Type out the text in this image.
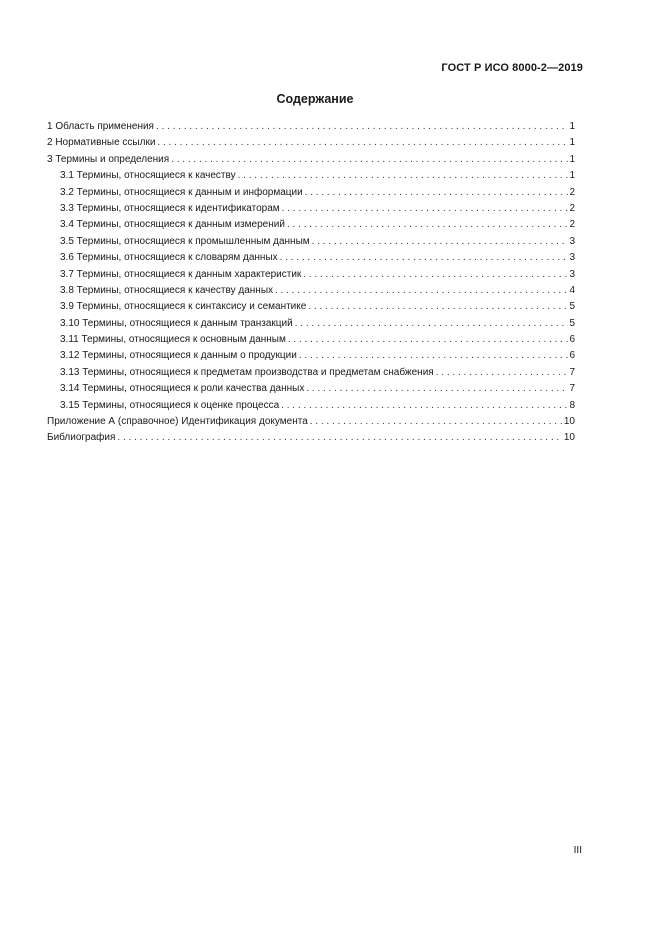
ГОСТ Р ИСО 8000-2—2019
Содержание
1 Область применения . . .	1
2 Нормативные ссылки . . .	1
3 Термины и определения . . .	1
3.1 Термины, относящиеся к качеству . . .	1
3.2 Термины, относящиеся к данным и информации . . .	2
3.3 Термины, относящиеся к идентификаторам . . .	2
3.4 Термины, относящиеся к данным измерений . . .	2
3.5 Термины, относящиеся к промышленным данным . . .	3
3.6 Термины, относящиеся к словарям данных . . .	3
3.7 Термины, относящиеся к данным характеристик . . .	3
3.8 Термины, относящиеся к качеству данных . . .	4
3.9 Термины, относящиеся к синтаксису и семантике . . .	5
3.10 Термины, относящиеся к данным транзакций . . .	5
3.11 Термины, относящиеся к основным данным . . .	6
3.12 Термины, относящиеся к данным о продукции . . .	6
3.13 Термины, относящиеся к предметам производства и предметам снабжения . . .	7
3.14 Термины, относящиеся к роли качества данных . . .	7
3.15 Термины, относящиеся к оценке процесса . . .	8
Приложение А (справочное) Идентификация документа . . .	10
Библиография . . .	10
III
